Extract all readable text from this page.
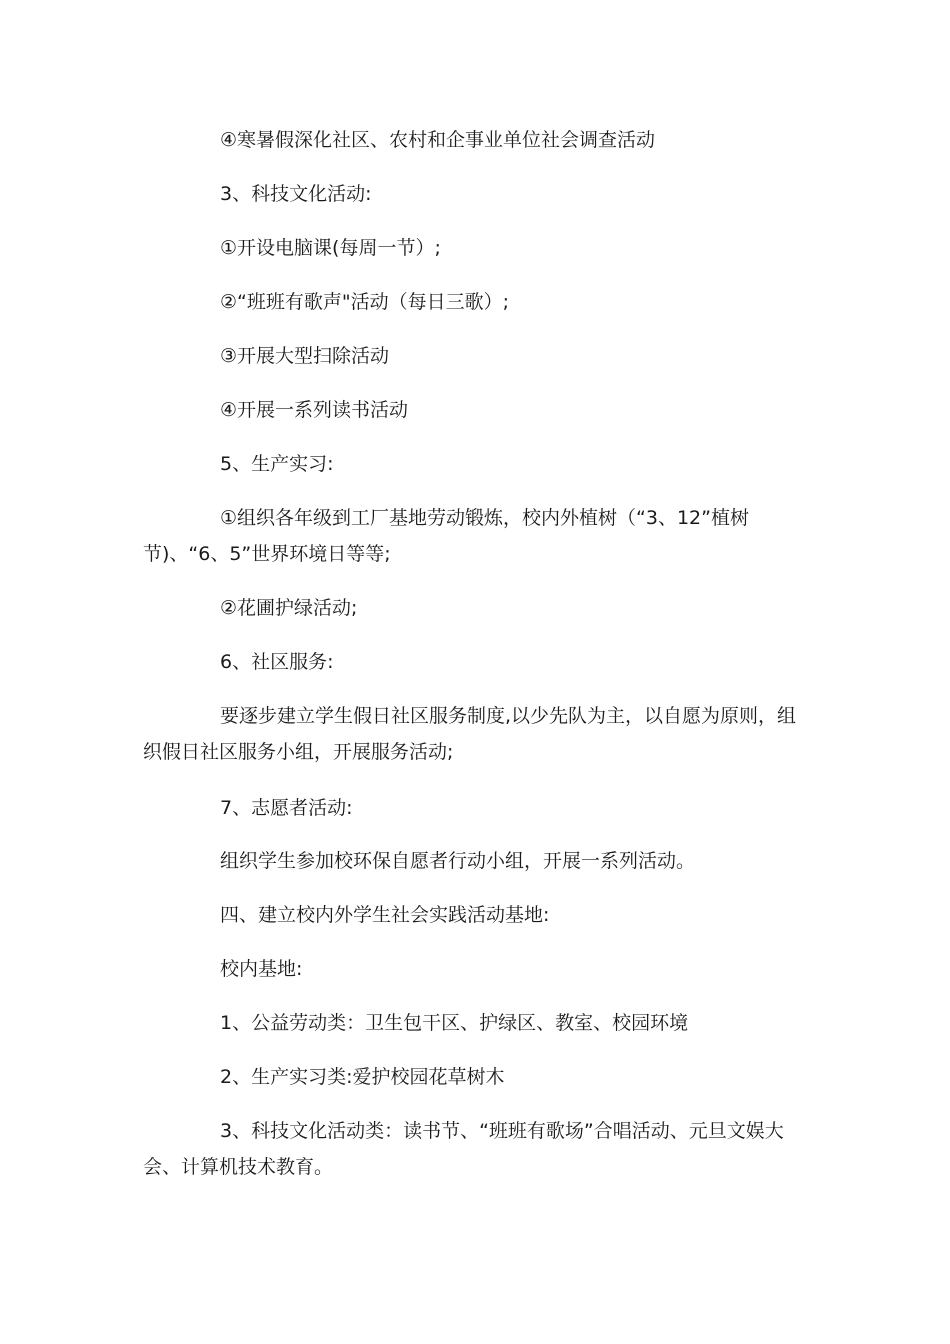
④寒暑假深化社区、农村和企事业单位社会调查活动

3、科技文化活动:

①开设电脑课(每周一节）;

②“班班有歌声"活动（每日三歌）;

③开展大型扫除活动

④开展一系列读书活动

5、生产实习:

①组织各年级到工厂基地劳动锻炼，校内外植树（“3、12”植树节)、“6、5”世界环境日等等;

②花圃护绿活动;

6、社区服务:

要逐步建立学生假日社区服务制度,以少先队为主，以自愿为原则，组织假日社区服务小组，开展服务活动;

7、志愿者活动:

组织学生参加校环保自愿者行动小组，开展一系列活动。

四、建立校内外学生社会实践活动基地:

校内基地:

1、公益劳动类：卫生包干区、护绿区、教室、校园环境

2、生产实习类:爱护校园花草树木

3、科技文化活动类：读书节、“班班有歌场”合唱活动、元旦文娱大会、计算机技术教育。
